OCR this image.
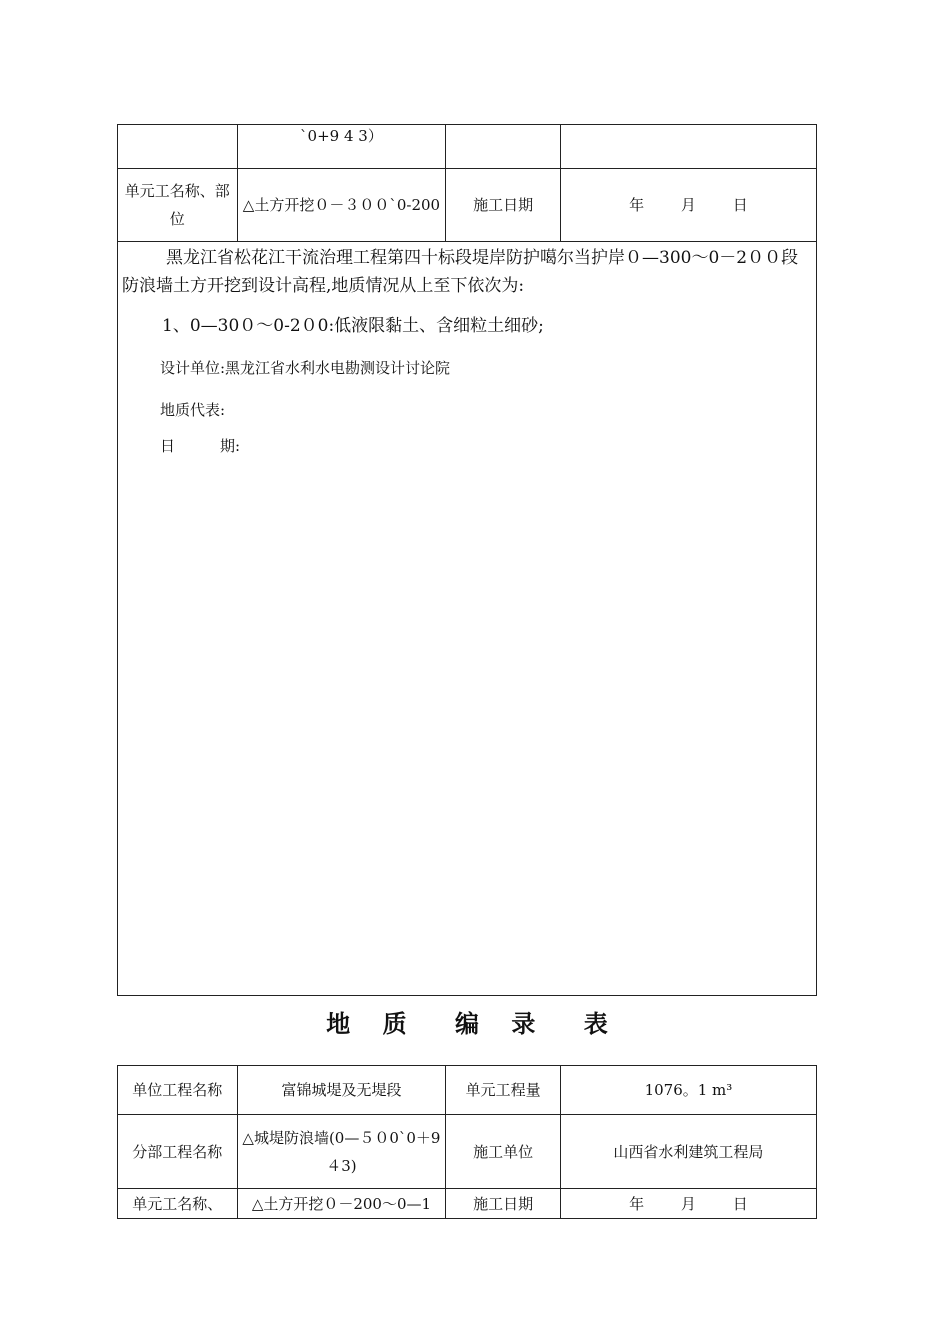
	`0+9 4 3）		
单元工名称、部位	△土方开挖０－３００`0-200	施工日期	年 月 日

黑龙江省松花江干流治理工程第四十标段堤岸防护噶尔当护岸０—300～0－2００段防浪墙土方开挖到设计高程,地质情况从上至下依次为:

1、0—30０～0-2０0:低液限黏土、含细粒土细砂;

设计单位:黑龙江省水利水电勘测设计讨论院

地质代表:

日　　　期:			

地 质 编 录 表
单位工程名称	富锦城堤及无堤段	单元工程量	1076。1 m³
分部工程名称	△城堤防浪墙(0—５０0`0＋9４3)	施工单位	山西省水利建筑工程局
单元工名称、	△土方开挖０－200～0—1	施工日期	年 月 日
